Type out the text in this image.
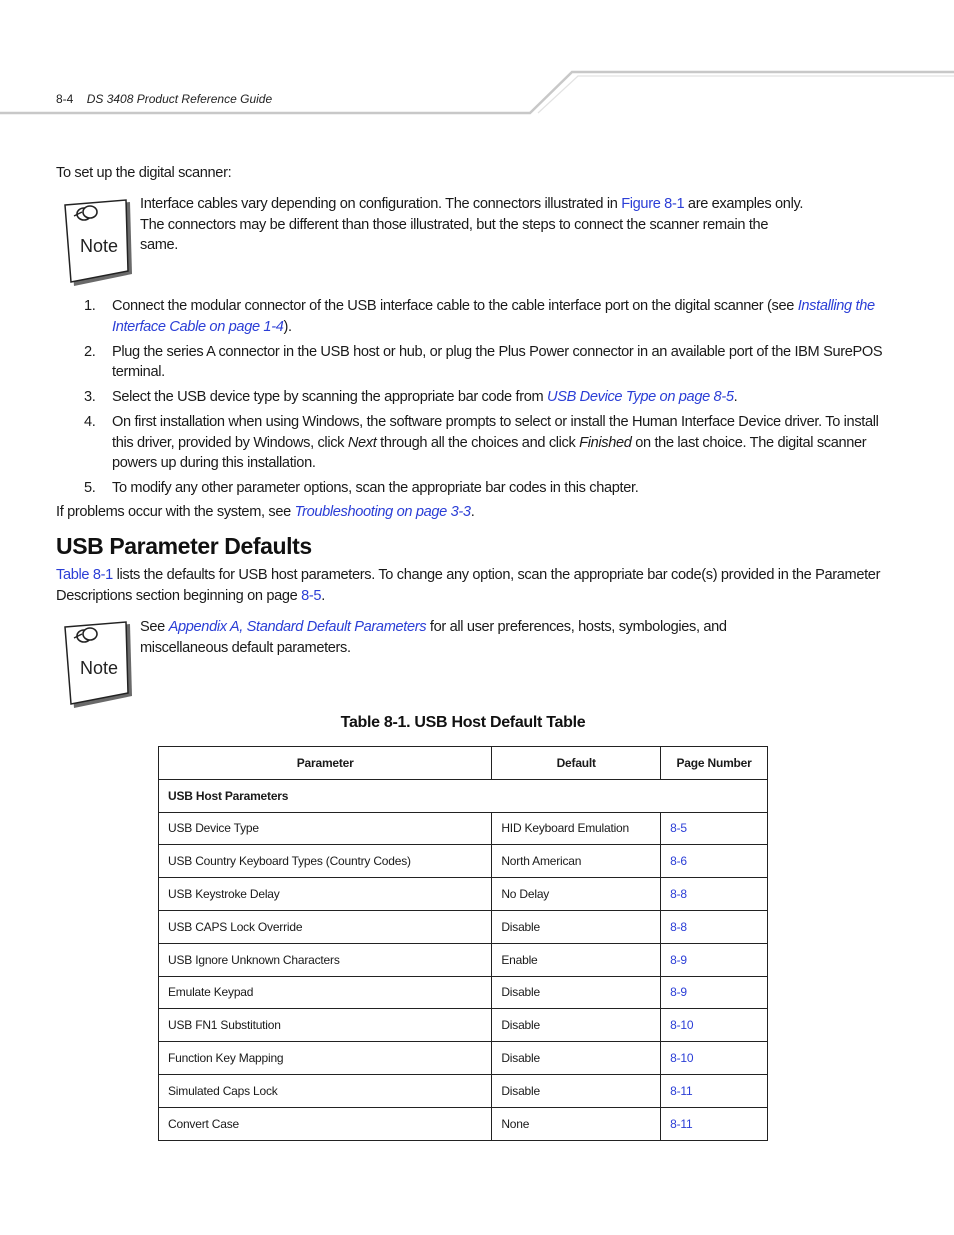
8-4 DS 3408 Product Reference Guide
To set up the digital scanner:
Note
Interface cables vary depending on configuration. The connectors illustrated in Figure 8-1 are examples only. The connectors may be different than those illustrated, but the steps to connect the scanner remain the same.
1. Connect the modular connector of the USB interface cable to the cable interface port on the digital scanner (see Installing the Interface Cable on page 1-4).
2. Plug the series A connector in the USB host or hub, or plug the Plus Power connector in an available port of the IBM SurePOS terminal.
3. Select the USB device type by scanning the appropriate bar code from USB Device Type on page 8-5.
4. On first installation when using Windows, the software prompts to select or install the Human Interface Device driver. To install this driver, provided by Windows, click Next through all the choices and click Finished on the last choice. The digital scanner powers up during this installation.
5. To modify any other parameter options, scan the appropriate bar codes in this chapter.
If problems occur with the system, see Troubleshooting on page 3-3.
USB Parameter Defaults
Table 8-1 lists the defaults for USB host parameters. To change any option, scan the appropriate bar code(s) provided in the Parameter Descriptions section beginning on page 8-5.
Note
See Appendix A, Standard Default Parameters for all user preferences, hosts, symbologies, and miscellaneous default parameters.
Table 8-1. USB Host Default Table
Parameter	Default	Page Number
USB Host Parameters		
USB Device Type	HID Keyboard Emulation	8-5
USB Country Keyboard Types (Country Codes)	North American	8-6
USB Keystroke Delay	No Delay	8-8
USB CAPS Lock Override	Disable	8-8
USB Ignore Unknown Characters	Enable	8-9
Emulate Keypad	Disable	8-9
USB FN1 Substitution	Disable	8-10
Function Key Mapping	Disable	8-10
Simulated Caps Lock	Disable	8-11
Convert Case	None	8-11
